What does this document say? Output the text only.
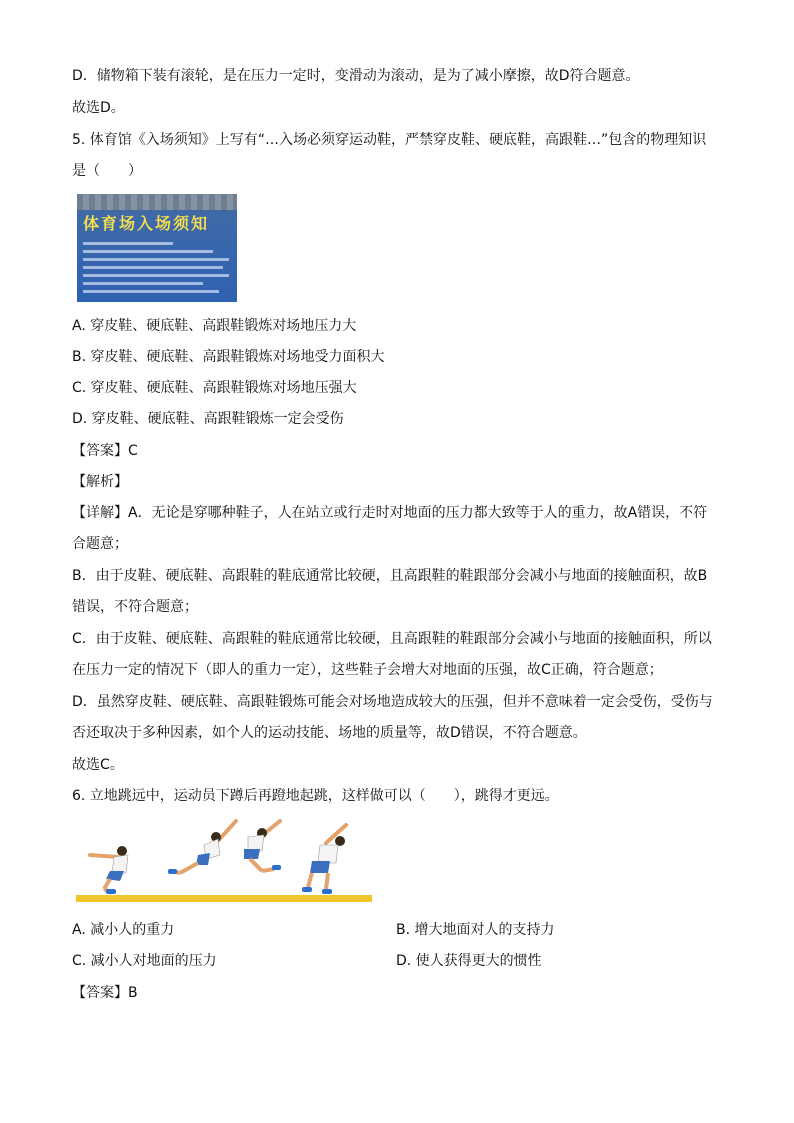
D．储物箱下装有滚轮，是在压力一定时，变滑动为滚动，是为了减小摩擦，故D符合题意。
故选D。
5. 体育馆《入场须知》上写有“…入场必须穿运动鞋，严禁穿皮鞋、硬底鞋，高跟鞋…”包含的物理知识
是（　　）
体育场入场须知
A. 穿皮鞋、硬底鞋、高跟鞋锻炼对场地压力大
B. 穿皮鞋、硬底鞋、高跟鞋锻炼对场地受力面积大
C. 穿皮鞋、硬底鞋、高跟鞋锻炼对场地压强大
D. 穿皮鞋、硬底鞋、高跟鞋锻炼一定会受伤
【答案】C
【解析】
【详解】A．无论是穿哪种鞋子，人在站立或行走时对地面的压力都大致等于人的重力，故A错误，不符
合题意；
B．由于皮鞋、硬底鞋、高跟鞋的鞋底通常比较硬，且高跟鞋的鞋跟部分会减小与地面的接触面积，故B
错误，不符合题意；
C．由于皮鞋、硬底鞋、高跟鞋的鞋底通常比较硬，且高跟鞋的鞋跟部分会减小与地面的接触面积，所以
在压力一定的情况下（即人的重力一定），这些鞋子会增大对地面的压强，故C正确，符合题意；
D．虽然穿皮鞋、硬底鞋、高跟鞋锻炼可能会对场地造成较大的压强，但并不意味着一定会受伤，受伤与
否还取决于多种因素，如个人的运动技能、场地的质量等，故D错误，不符合题意。
故选C。
6. 立地跳远中，运动员下蹲后再蹬地起跳，这样做可以（　　），跳得才更远。
A. 减小人的重力	B. 增大地面对人的支持力
C. 减小人对地面的压力	D. 使人获得更大的惯性
【答案】B
